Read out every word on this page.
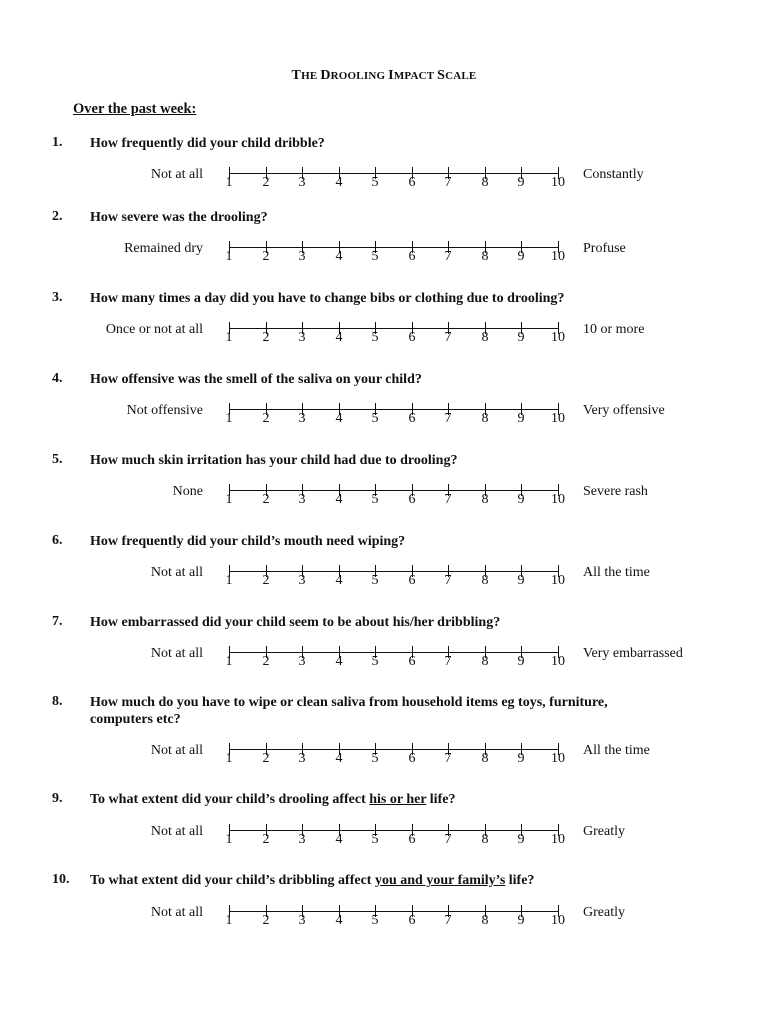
THE DROOLING IMPACT SCALE
Over the past week:
1. How frequently did your child dribble?
Not at all
1 2 3 4 5 6 7 8 9 10
Constantly
2. How severe was the drooling?
Remained dry
1 2 3 4 5 6 7 8 9 10
Profuse
3. How many times a day did you have to change bibs or clothing due to drooling?
Once or not at all
1 2 3 4 5 6 7 8 9 10
10 or more
4. How offensive was the smell of the saliva on your child?
Not offensive
1 2 3 4 5 6 7 8 9 10
Very offensive
5. How much skin irritation has your child had due to drooling?
None
1 2 3 4 5 6 7 8 9 10
Severe rash
6. How frequently did your child’s mouth need wiping?
Not at all
1 2 3 4 5 6 7 8 9 10
All the time
7. How embarrassed did your child seem to be about his/her dribbling?
Not at all
1 2 3 4 5 6 7 8 9 10
Very embarrassed
8. How much do you have to wipe or clean saliva from household items eg toys, furniture,
computers etc?
Not at all
1 2 3 4 5 6 7 8 9 10
All the time
9. To what extent did your child’s drooling affect his or her life?
Not at all
1 2 3 4 5 6 7 8 9 10
Greatly
10. To what extent did your child’s dribbling affect you and your family’s life?
Not at all
1 2 3 4 5 6 7 8 9 10
Greatly
